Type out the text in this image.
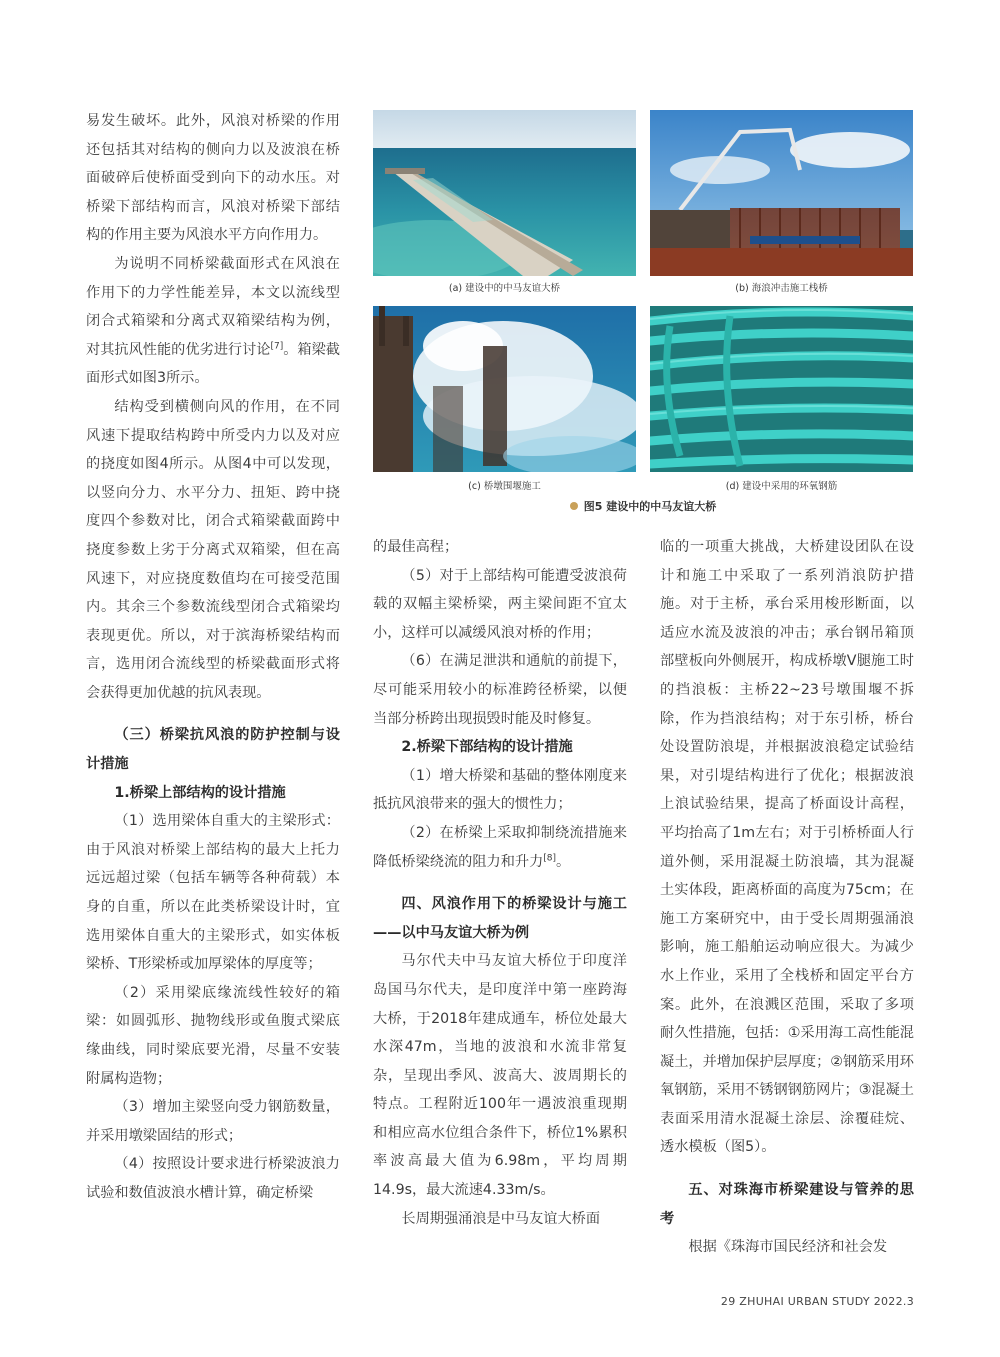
易发生破坏。此外，风浪对桥梁的作用还包括其对结构的侧向力以及波浪在桥面破碎后使桥面受到向下的动水压。对桥梁下部结构而言，风浪对桥梁下部结构的作用主要为风浪水平方向作用力。

为说明不同桥梁截面形式在风浪在作用下的力学性能差异，本文以流线型闭合式箱梁和分离式双箱梁结构为例，对其抗风性能的优劣进行讨论[7]。箱梁截面形式如图3所示。

结构受到横侧向风的作用，在不同风速下提取结构跨中所受内力以及对应的挠度如图4所示。从图4中可以发现，以竖向分力、水平分力、扭矩、跨中挠度四个参数对比，闭合式箱梁截面跨中挠度参数上劣于分离式双箱梁，但在高风速下，对应挠度数值均在可接受范围内。其余三个参数流线型闭合式箱梁均表现更优。所以，对于滨海桥梁结构而言，选用闭合流线型的桥梁截面形式将会获得更加优越的抗风表现。

（三）桥梁抗风浪的防护控制与设计措施

1.桥梁上部结构的设计措施

（1）选用梁体自重大的主梁形式：由于风浪对桥梁上部结构的最大上托力远远超过梁（包括车辆等各种荷载）本身的自重，所以在此类桥梁设计时，宜选用梁体自重大的主梁形式，如实体板梁桥、T形梁桥或加厚梁体的厚度等；

（2）采用梁底缘流线性较好的箱梁：如圆弧形、抛物线形或鱼腹式梁底缘曲线，同时梁底要光滑，尽量不安装附属构造物；

（3）增加主梁竖向受力钢筋数量，并采用墩梁固结的形式；

（4）按照设计要求进行桥梁波浪力试验和数值波浪水槽计算，确定桥梁

(a) 建设中的中马友谊大桥	(b) 海浪冲击施工栈桥
(c) 桥墩围堰施工	(d) 建设中采用的环氧钢筋
图5 建设中的中马友谊大桥

的最佳高程；

（5）对于上部结构可能遭受波浪荷载的双幅主梁桥梁，两主梁间距不宜太小，这样可以减缓风浪对桥的作用；

（6）在满足泄洪和通航的前提下，尽可能采用较小的标准跨径桥梁，以便当部分桥跨出现损毁时能及时修复。

2.桥梁下部结构的设计措施

（1）增大桥梁和基础的整体刚度来抵抗风浪带来的强大的惯性力；

（2）在桥梁上采取抑制绕流措施来降低桥梁绕流的阻力和升力[8]。

四、风浪作用下的桥梁设计与施工——以中马友谊大桥为例

马尔代夫中马友谊大桥位于印度洋岛国马尔代夫，是印度洋中第一座跨海大桥，于2018年建成通车，桥位处最大水深47m，当地的波浪和水流非常复杂，呈现出季风、波高大、波周期长的特点。工程附近100年一遇波浪重现期和相应高水位组合条件下，桥位1%累积率波高最大值为6.98m，平均周期14.9s，最大流速4.33m/s。

长周期强涌浪是中马友谊大桥面

临的一项重大挑战，大桥建设团队在设计和施工中采取了一系列消浪防护措施。对于主桥，承台采用梭形断面，以适应水流及波浪的冲击；承台钢吊箱顶部壁板向外侧展开，构成桥墩V腿施工时的挡浪板：主桥22~23号墩围堰不拆除，作为挡浪结构；对于东引桥，桥台处设置防浪堤，并根据波浪稳定试验结果，对引堤结构进行了优化；根据波浪上浪试验结果，提高了桥面设计高程，平均抬高了1m左右；对于引桥桥面人行道外侧，采用混凝土防浪墙，其为混凝土实体段，距离桥面的高度为75cm；在施工方案研究中，由于受长周期强涌浪影响，施工船舶运动响应很大。为减少水上作业，采用了全栈桥和固定平台方案。此外，在浪溅区范围，采取了多项耐久性措施，包括：①采用海工高性能混凝土，并增加保护层厚度；②钢筋采用环氧钢筋，采用不锈钢钢筋网片；③混凝土表面采用清水混凝土涂层、涂覆硅烷、透水模板（图5）。

五、对珠海市桥梁建设与管养的思考

根据《珠海市国民经济和社会发

29 ZHUHAI URBAN STUDY 2022.3
